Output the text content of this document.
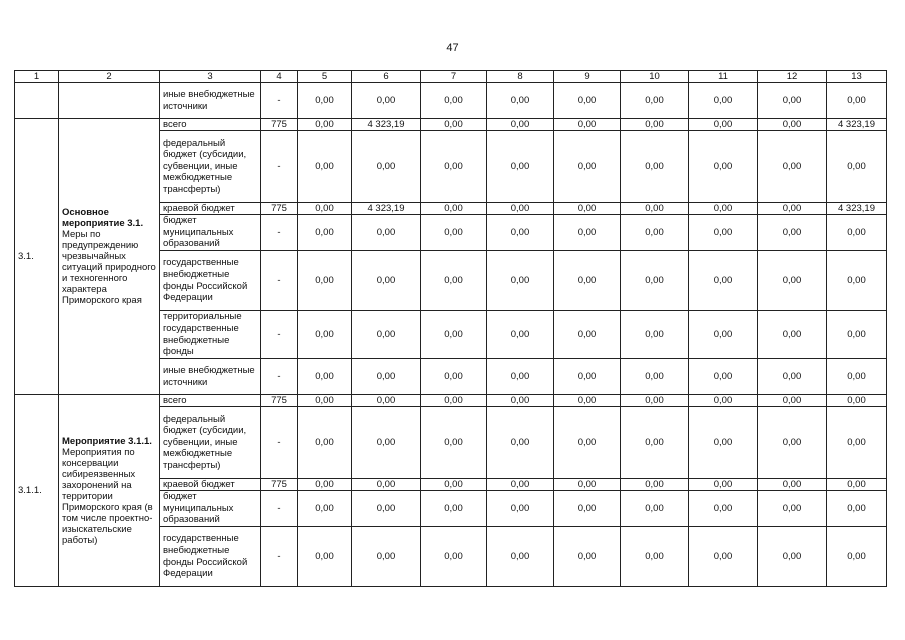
47
1	2	3	4	5	6	7	8	9	10	11	12	13
		иные внебюджетные источники	-	0,00	0,00	0,00	0,00	0,00	0,00	0,00	0,00	0,00
3.1.	Основное мероприятие 3.1. Меры по предупреждению чрезвычайных ситуаций природного и техногенного характера Приморского края	всего	775	0,00	4 323,19	0,00	0,00	0,00	0,00	0,00	0,00	4 323,19
		федеральный бюджет (субсидии, субвенции, иные межбюджетные трансферты)	-	0,00	0,00	0,00	0,00	0,00	0,00	0,00	0,00	0,00
		краевой бюджет	775	0,00	4 323,19	0,00	0,00	0,00	0,00	0,00	0,00	4 323,19
		бюджет муниципальных образований	-	0,00	0,00	0,00	0,00	0,00	0,00	0,00	0,00	0,00
		государственные внебюджетные фонды Российской Федерации	-	0,00	0,00	0,00	0,00	0,00	0,00	0,00	0,00	0,00
		территориальные государственные внебюджетные фонды	-	0,00	0,00	0,00	0,00	0,00	0,00	0,00	0,00	0,00
		иные внебюджетные источники	-	0,00	0,00	0,00	0,00	0,00	0,00	0,00	0,00	0,00
3.1.1.	Мероприятие 3.1.1. Мероприятия по консервации сибиреязвенных захоронений на территории Приморского края (в том числе проектно-изыскательские работы)	всего	775	0,00	0,00	0,00	0,00	0,00	0,00	0,00	0,00	0,00
		федеральный бюджет (субсидии, субвенции, иные межбюджетные трансферты)	-	0,00	0,00	0,00	0,00	0,00	0,00	0,00	0,00	0,00
		краевой бюджет	775	0,00	0,00	0,00	0,00	0,00	0,00	0,00	0,00	0,00
		бюджет муниципальных образований	-	0,00	0,00	0,00	0,00	0,00	0,00	0,00	0,00	0,00
		государственные внебюджетные фонды Российской Федерации	-	0,00	0,00	0,00	0,00	0,00	0,00	0,00	0,00	0,00
